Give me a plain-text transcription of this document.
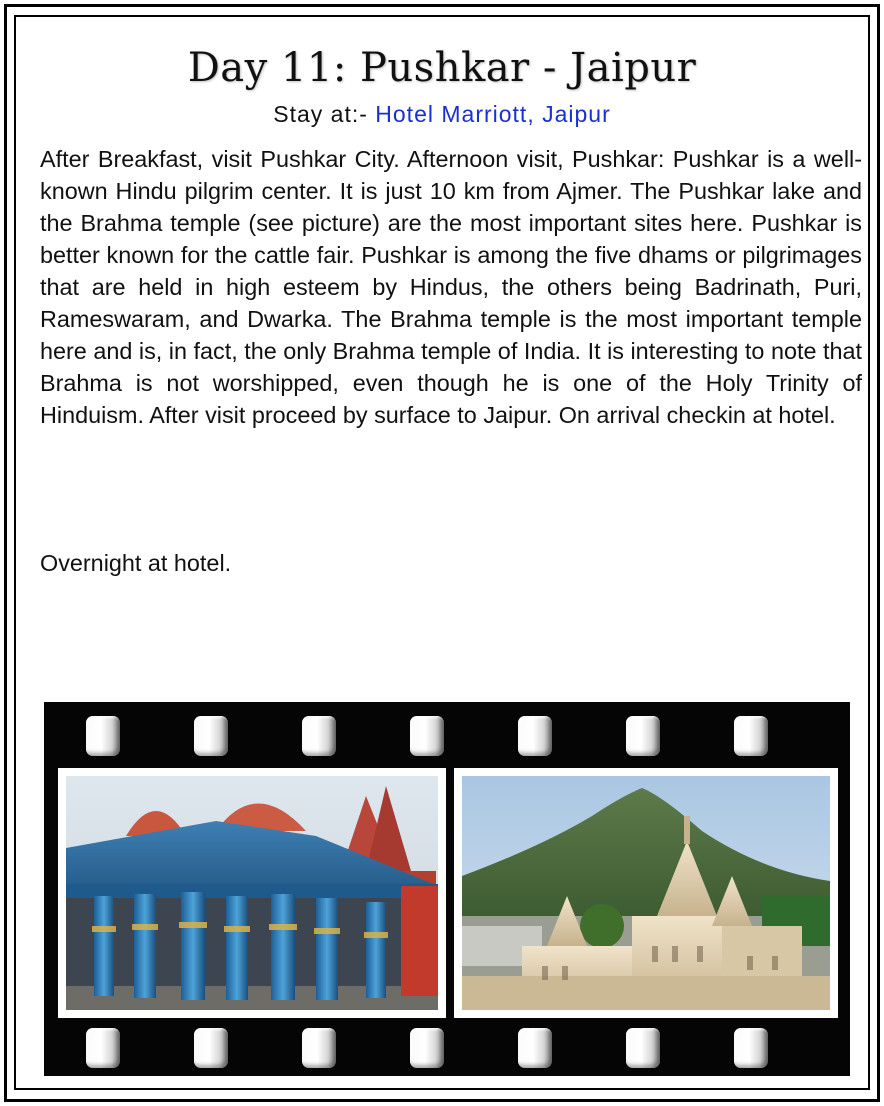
Day 11: Pushkar - Jaipur
Stay at:- Hotel Marriott, Jaipur

After Breakfast, visit Pushkar City. Afternoon visit, Pushkar: Pushkar is a well-known Hindu pilgrim center. It is just 10 km from Ajmer. The Pushkar lake and the Brahma temple (see picture) are the most important sites here. Pushkar is better known for the cattle fair. Pushkar is among the five dhams or pilgrimages that are held in high esteem by Hindus, the others being Badrinath, Puri, Rameswaram, and Dwarka. The Brahma temple is the most important temple here and is, in fact, the only Brahma temple of India. It is interesting to note that Brahma is not worshipped, even though he is one of the Holy Trinity of Hinduism. After visit proceed by surface to Jaipur. On arrival checkin at hotel.

Overnight at hotel.
